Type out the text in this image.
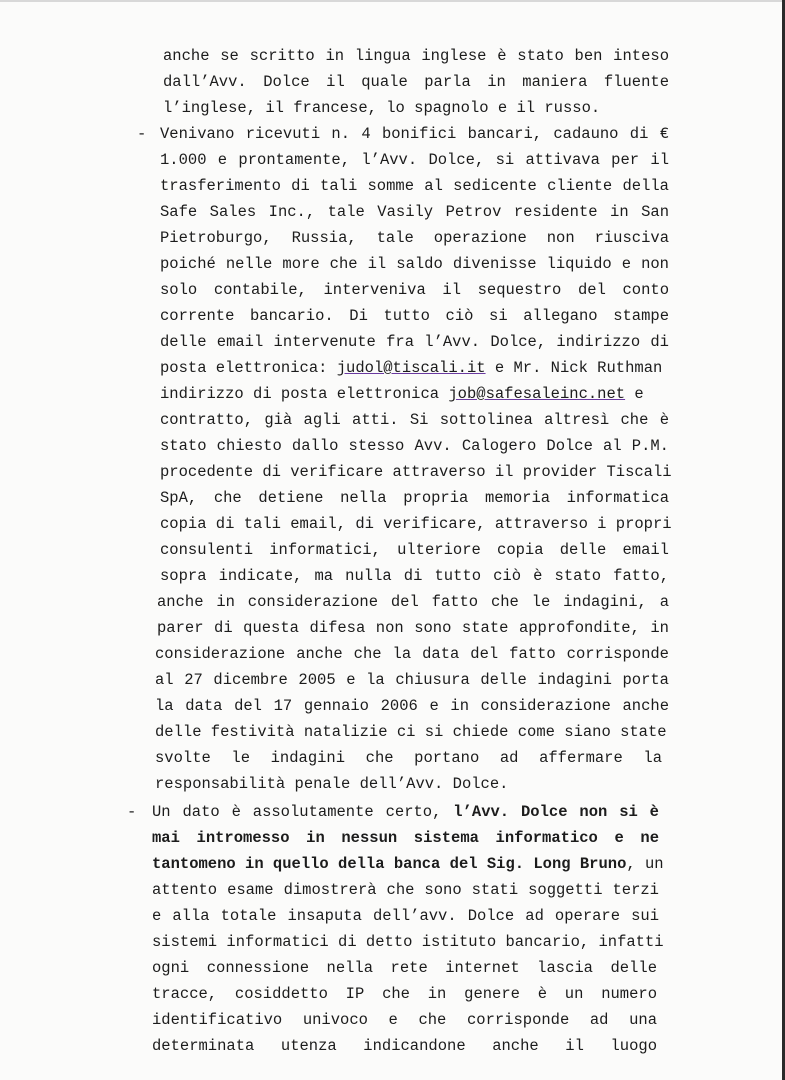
anche se scritto in lingua inglese è stato ben inteso
dall’Avv. Dolce il quale parla in maniera fluente
l’inglese, il francese, lo spagnolo e il russo.
- Venivano ricevuti n. 4 bonifici bancari, cadauno di €
1.000 e prontamente, l’Avv. Dolce, si attivava per il
trasferimento di tali somme al sedicente cliente della
Safe Sales Inc., tale Vasily Petrov residente in San
Pietroburgo, Russia, tale operazione non riusciva
poiché nelle more che il saldo divenisse liquido e non
solo contabile, interveniva il sequestro del conto
corrente bancario. Di tutto ciò si allegano stampe
delle email intervenute fra l’Avv. Dolce, indirizzo di
posta elettronica: judol@tiscali.it e Mr. Nick Ruthman
indirizzo di posta elettronica job@safesaleinc.net e
contratto, già agli atti. Si sottolinea altresì che è
stato chiesto dallo stesso Avv. Calogero Dolce al P.M.
procedente di verificare attraverso il provider Tiscali
SpA, che detiene nella propria memoria informatica
copia di tali email, di verificare, attraverso i propri
consulenti informatici, ulteriore copia delle email
sopra indicate, ma nulla di tutto ciò è stato fatto,
anche in considerazione del fatto che le indagini, a
parer di questa difesa non sono state approfondite, in
considerazione anche che la data del fatto corrisponde
al 27 dicembre 2005 e la chiusura delle indagini porta
la data del 17 gennaio 2006 e in considerazione anche
delle festività natalizie ci si chiede come siano state
svolte le indagini che portano ad affermare la
responsabilità penale dell’Avv. Dolce.
- Un dato è assolutamente certo, l’Avv. Dolce non si è
mai intromesso in nessun sistema informatico e ne
tantomeno in quello della banca del Sig. Long Bruno, un
attento esame dimostrerà che sono stati soggetti terzi
e alla totale insaputa dell’avv. Dolce ad operare sui
sistemi informatici di detto istituto bancario, infatti
ogni connessione nella rete internet lascia delle
tracce, cosiddetto IP che in genere è un numero
identificativo univoco e che corrisponde ad una
determinata utenza indicandone anche il luogo
